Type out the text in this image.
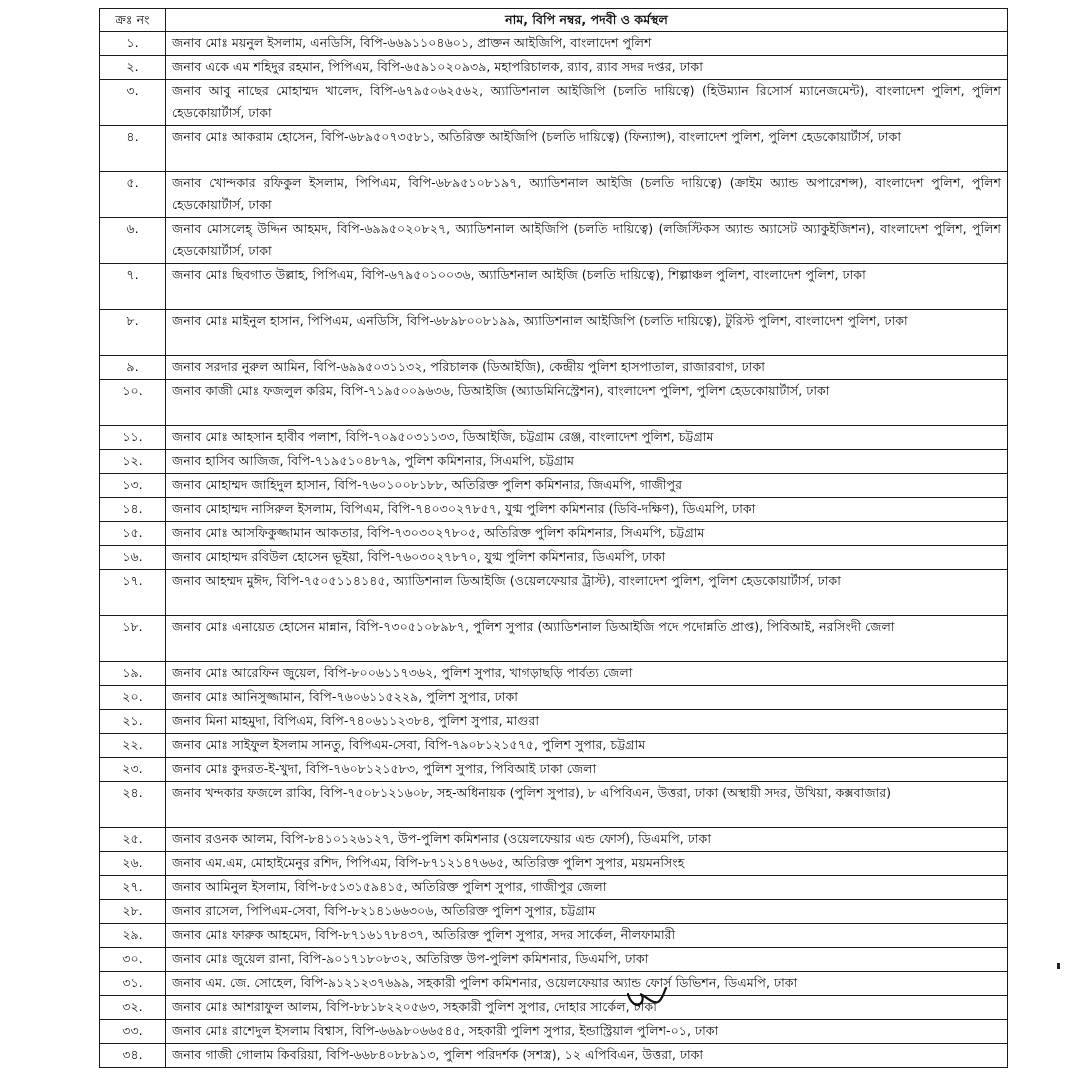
ক্রঃ নং	নাম, বিপি নম্বর, পদবী ও কর্মস্থল
১.	জনাব মোঃ ময়নুল ইসলাম, এনডিসি, বিপি-৬৬৯১১০৪৬০১, প্রাক্তন আইজিপি, বাংলাদেশ পুলিশ
২.	জনাব একে এম শহিদুর রহমান, পিপিএম, বিপি-৬৫৯১০২০৯৩৯, মহাপরিচালক, র‌্যাব, র‌্যাব সদর দপ্তর, ঢাকা
৩.	জনাব আবু নাছের মোহাম্মদ খালেদ, বিপি-৬৭৯৫০৬২৫৬২, অ্যাডিশনাল আইজিপি (চলতি দায়িত্বে) (হিউম্যান রিসোর্স ম্যানেজমেন্ট), বাংলাদেশ পুলিশ, পুলিশ হেডকোয়ার্টার্স, ঢাকা
৪.	জনাব মোঃ আকরাম হোসেন, বিপি-৬৮৯৫০৭৩৫৮১, অতিরিক্ত আইজিপি (চলতি দায়িত্বে) (ফিন্যান্স), বাংলাদেশ পুলিশ, পুলিশ হেডকোয়ার্টার্স, ঢাকা
৫.	জনাব খোন্দকার রফিকুল ইসলাম, পিপিএম, বিপি-৬৮৯৫১০৮১৯৭, অ্যাডিশনাল আইজি (চলতি দায়িত্বে) (ক্রাইম অ্যান্ড অপারেশন্স), বাংলাদেশ পুলিশ, পুলিশ হেডকোয়ার্টার্স, ঢাকা
৬.	জনাব মোসলেহ্ উদ্দিন আহমদ, বিপি-৬৯৯৫০২০৮২৭, অ্যাডিশনাল আইজিপি (চলতি দায়িত্বে) (লজিস্টিকস অ্যান্ড অ্যাসেট অ্যাকুইজিশন), বাংলাদেশ পুলিশ, পুলিশ হেডকোয়ার্টার্স, ঢাকা
৭.	জনাব মোঃ ছিবগাত উল্লাহ, পিপিএম, বিপি-৬৭৯৫০১০০৩৬, অ্যাডিশনাল আইজি (চলতি দায়িত্বে), শিল্পাঞ্চল পুলিশ, বাংলাদেশ পুলিশ, ঢাকা
৮.	জনাব মোঃ মাইনুল হাসান, পিপিএম, এনডিসি, বিপি-৬৮৯৮০০৮১৯৯, অ্যাডিশনাল আইজিপি (চলতি দায়িত্বে), টুরিস্ট পুলিশ, বাংলাদেশ পুলিশ, ঢাকা
৯.	জনাব সরদার নুরুল আমিন, বিপি-৬৯৯৫০৩১১৩২, পরিচালক (ডিআইজি), কেন্দ্রীয় পুলিশ হাসপাতাল, রাজারবাগ, ঢাকা
১০.	জনাব কাজী মোঃ ফজলুল করিম, বিপি-৭১৯৫০০৯৬৩৬, ডিআইজি (অ্যাডমিনিস্ট্রেশন), বাংলাদেশ পুলিশ, পুলিশ হেডকোয়ার্টার্স, ঢাকা
১১.	জনাব মোঃ আহসান হাবীব পলাশ, বিপি-৭০৯৫০৩১১৩৩, ডিআইজি, চট্টগ্রাম রেঞ্জ, বাংলাদেশ পুলিশ, চট্টগ্রাম
১২.	জনাব হাসিব আজিজ, বিপি-৭১৯৫১০৪৮৭৯, পুলিশ কমিশনার, সিএমপি, চট্টগ্রাম
১৩.	জনাব মোহাম্মদ জাহিদুল হাসান, বিপি-৭৬০১০০৮১৮৮, অতিরিক্ত পুলিশ কমিশনার, জিএমপি, গাজীপুর
১৪.	জনাব মোহাম্মদ নাসিরুল ইসলাম, বিপিএম, বিপি-৭৪০৩০২৭৮৫৭, যুগ্ম পুলিশ কমিশনার (ডিবি-দক্ষিণ), ডিএমপি, ঢাকা
১৫.	জনাব মোঃ আসফিকুজ্জামান আকতার, বিপি-৭৩০৩০২৭৮০৫, অতিরিক্ত পুলিশ কমিশনার, সিএমপি, চট্টগ্রাম
১৬.	জনাব মোহাম্মদ রবিউল হোসেন ভূইয়া, বিপি-৭৬০৩০২৭৮৭০, যুগ্ম পুলিশ কমিশনার, ডিএমপি, ঢাকা
১৭.	জনাব আহম্মদ মুঈদ, বিপি-৭৫০৫১১৪১৪৫, অ্যাডিশনাল ডিআইজি (ওয়েলফেয়ার ট্রাস্ট), বাংলাদেশ পুলিশ, পুলিশ হেডকোয়ার্টার্স, ঢাকা
১৮.	জনাব মোঃ এনায়েত হোসেন মান্নান, বিপি-৭৩০৫১০৮৯৮৭, পুলিশ সুপার (অ্যাডিশনাল ডিআইজি পদে পদোন্নতি প্রাপ্ত), পিবিআই, নরসিংদী জেলা
১৯.	জনাব মোঃ আরেফিন জুয়েল, বিপি-৮০০৬১১৭৩৬২, পুলিশ সুপার, খাগড়াছড়ি পার্বত্য জেলা
২০.	জনাব মোঃ আনিসুজ্জামান, বিপি-৭৬০৬১১৫২২৯, পুলিশ সুপার, ঢাকা
২১.	জনাব মিনা মাহমুদা, বিপিএম, বিপি-৭৪০৬১১২৩৮৪, পুলিশ সুপার, মাগুরা
২২.	জনাব মোঃ সাইফুল ইসলাম সানতু, বিপিএম-সেবা, বিপি-৭৯০৮১২১৫৭৫, পুলিশ সুপার, চট্টগ্রাম
২৩.	জনাব মোঃ কুদরত-ই-খুদা, বিপি-৭৬০৮১২১৫৮৩, পুলিশ সুপার, পিবিআই ঢাকা জেলা
২৪.	জনাব খন্দকার ফজলে রাব্বি, বিপি-৭৫০৮১২১৬০৮, সহ-অধিনায়ক (পুলিশ সুপার), ৮ এপিবিএন, উত্তরা, ঢাকা (অস্থায়ী সদর, উখিয়া, কক্সবাজার)
২৫.	জনাব রওনক আলম, বিপি-৮৪১০১২৬১২৭, উপ-পুলিশ কমিশনার (ওয়েলফেয়ার এন্ড ফোর্স), ডিএমপি, ঢাকা
২৬.	জনাব এম.এম, মোহাইমেনুর রশিদ, পিপিএম, বিপি-৮৭১২১৪৭৬৬৫, অতিরিক্ত পুলিশ সুপার, ময়মনসিংহ
২৭.	জনাব আমিনুল ইসলাম, বিপি-৮৫১৩১৫৯৪১৫, অতিরিক্ত পুলিশ সুপার, গাজীপুর জেলা
২৮.	জনাব রাসেল, পিপিএম-সেবা, বিপি-৮২১৪১৬৬৩০৬, অতিরিক্ত পুলিশ সুপার, চট্টগ্রাম
২৯.	জনাব মোঃ ফারুক আহমেদ, বিপি-৮৭১৬১৭৮৪৩৭, অতিরিক্ত পুলিশ সুপার, সদর সার্কেল, নীলফামারী
৩০.	জনাব মোঃ জুয়েল রানা, বিপি-৯০১৭১৮০৮৩২, অতিরিক্ত উপ-পুলিশ কমিশনার, ডিএমপি, ঢাকা
৩১.	জনাব এম. জে. সোহেল, বিপি-৯১২১২৩৭৬৯৯, সহকারী পুলিশ কমিশনার, ওয়েলফেয়ার অ্যান্ড ফোর্স ডিভিশন, ডিএমপি, ঢাকা
৩২.	জনাব মোঃ আশরাফুল আলম, বিপি-৮৮১৮২২০৫৬৩, সহকারী পুলিশ সুপার, দোহার সার্কেল, ঢাকা
৩৩.	জনাব মোঃ রাশেদুল ইসলাম বিশ্বাস, বিপি-৬৬৯৮০৬৬৫৪৫, সহকারী পুলিশ সুপার, ইন্ডাস্ট্রিয়াল পুলিশ-০১, ঢাকা
৩৪.	জনাব গাজী গোলাম কিবরিয়া, বিপি-৬৬৮৪০৮৮৯১৩, পুলিশ পরিদর্শক (সশস্ত্র), ১২ এপিবিএন, উত্তরা, ঢাকা
